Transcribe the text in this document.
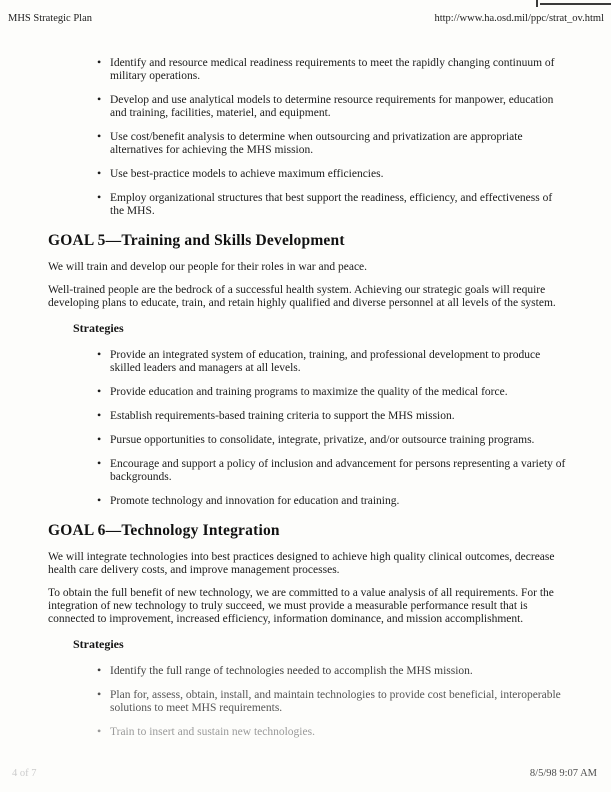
MHS Strategic Plan	http://www.ha.osd.mil/ppc/strat_ov.html
• Identify and resource medical readiness requirements to meet the rapidly changing continuum of military operations.
• Develop and use analytical models to determine resource requirements for manpower, education and training, facilities, materiel, and equipment.
• Use cost/benefit analysis to determine when outsourcing and privatization are appropriate alternatives for achieving the MHS mission.
• Use best-practice models to achieve maximum efficiencies.
• Employ organizational structures that best support the readiness, efficiency, and effectiveness of the MHS.
GOAL 5—Training and Skills Development

We will train and develop our people for their roles in war and peace.

Well-trained people are the bedrock of a successful health system. Achieving our strategic goals will require developing plans to educate, train, and retain highly qualified and diverse personnel at all levels of the system.

Strategies
• Provide an integrated system of education, training, and professional development to produce skilled leaders and managers at all levels.
• Provide education and training programs to maximize the quality of the medical force.
• Establish requirements-based training criteria to support the MHS mission.
• Pursue opportunities to consolidate, integrate, privatize, and/or outsource training programs.
• Encourage and support a policy of inclusion and advancement for persons representing a variety of backgrounds.
• Promote technology and innovation for education and training.
GOAL 6—Technology Integration

We will integrate technologies into best practices designed to achieve high quality clinical outcomes, decrease health care delivery costs, and improve management processes.

To obtain the full benefit of new technology, we are committed to a value analysis of all requirements. For the integration of new technology to truly succeed, we must provide a measurable performance result that is connected to improvement, increased efficiency, information dominance, and mission accomplishment.

Strategies
• Identify the full range of technologies needed to accomplish the MHS mission.
• Plan for, assess, obtain, install, and maintain technologies to provide cost beneficial, interoperable solutions to meet MHS requirements.
• Train to insert and sustain new technologies.
4 of 7	8/5/98 9:07 AM
